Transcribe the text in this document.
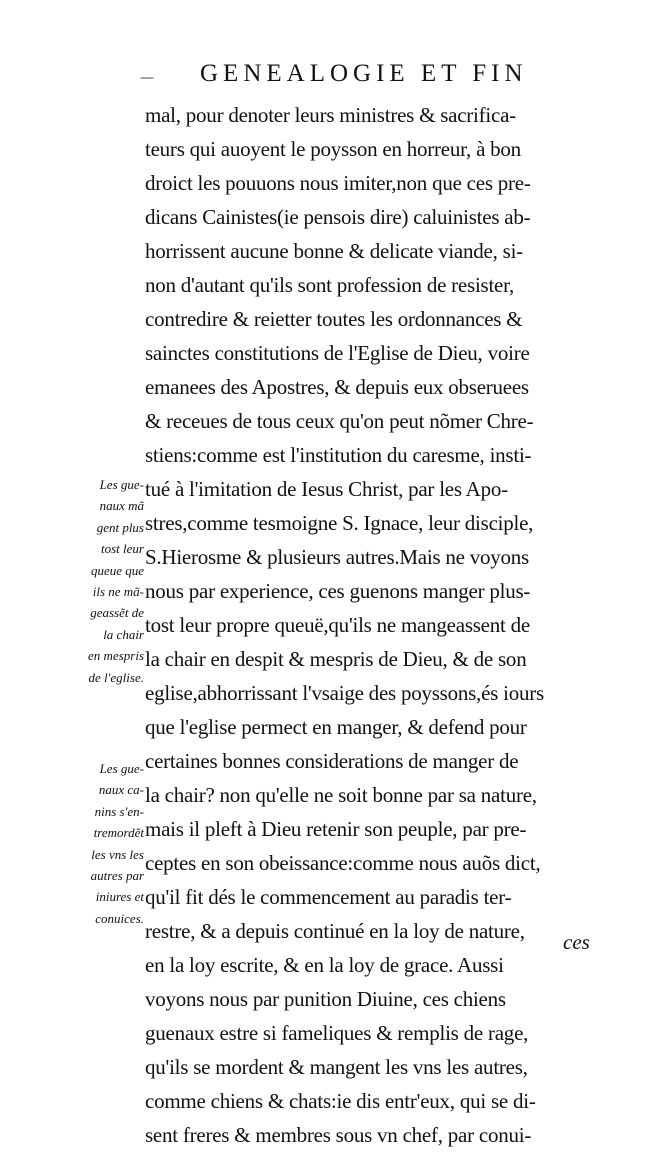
— GENEALOGIE ET FIN
mal, pour denoter leurs ministres & sacrifica-
teurs qui auoyent le poysson en horreur, à bon
droict les pouuons nous imiter,non que ces pre-
dicans Cainistes(ie pensois dire) caluinistes ab-
horrissent aucune bonne & delicate viande, si-
non d'autant qu'ils sont profession de resister,
contredire & reietter toutes les ordonnances &
sainctes constitutions de l'Eglise de Dieu, voire
emanees des Apostres, & depuis eux obseruees
& receues de tous ceux qu'on peut nõmer Chre-
stiens:comme est l'institution du caresme, insti-
tué à l'imitation de Iesus Christ, par les Apo-
stres,comme tesmoigne S. Ignace, leur disciple,
S.Hierosme & plusieurs autres.Mais ne voyons
nous par experience, ces guenons manger plus-
tost leur propre queuë,qu'ils ne mangeassent de
la chair en despit & mespris de Dieu, & de son
eglise,abhorrissant l'vsaige des poyssons,és iours
que l'eglise permect en manger, & defend pour
certaines bonnes considerations de manger de
la chair? non qu'elle ne soit bonne par sa nature,
mais il pleft à Dieu retenir son peuple, par pre-
ceptes en son obeissance:comme nous auõs dict,
qu'il fit dés le commencement au paradis ter-
restre, & a depuis continué en la loy de nature,
en la loy escrite, & en la loy de grace. Aussi
voyons nous par punition Diuine, ces chiens
guenaux estre si fameliques & remplis de rage,
qu'ils se mordent & mangent les vns les autres,
comme chiens & chats:ie dis entr'eux, qui se di-
sent freres & membres sous vn chef, par conui-
Les gue-
naux mã
gent plus
tost leur
queue que
ils ne mã-
geassẽt de
la chair
en mespris
de l'eglise.
Les gue-
naux ca-
nins s'en-
tremordẽt
les vns les
autres par
iniures et
conuices.
ces
